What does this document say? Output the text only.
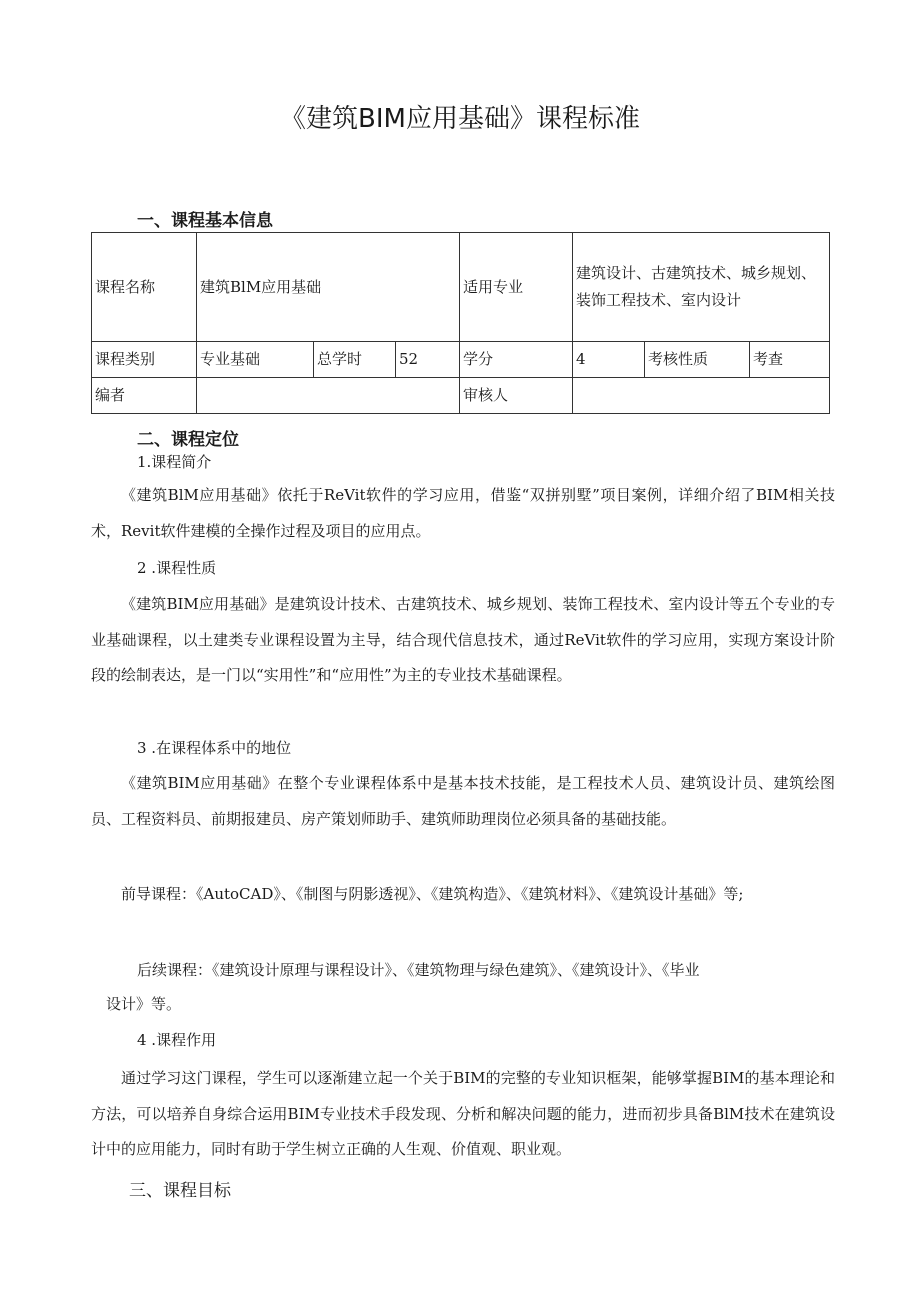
《建筑BIM应用基础》课程标准
一、课程基本信息
课程名称	建筑BlM应用基础			适用专业	建筑设计、古建筑技术、城乡规划、装饰工程技术、室内设计		
课程类别	专业基础	总学时	52	学分	4	考核性质	考查
编者				审核人			
二、课程定位
1.课程简介

《建筑BlM应用基础》依托于ReVit软件的学习应用，借鉴“双拼别墅”项目案例，详细介绍了BIM相关技术，Revit软件建模的全操作过程及项目的应用点。

2 .课程性质

《建筑BIM应用基础》是建筑设计技术、古建筑技术、城乡规划、装饰工程技术、室内设计等五个专业的专业基础课程，以土建类专业课程设置为主导，结合现代信息技术，通过ReVit软件的学习应用，实现方案设计阶段的绘制表达，是一门以“实用性”和“应用性”为主的专业技术基础课程。

3 .在课程体系中的地位

《建筑BIM应用基础》在整个专业课程体系中是基本技术技能，是工程技术人员、建筑设计员、建筑绘图员、工程资料员、前期报建员、房产策划师助手、建筑师助理岗位必须具备的基础技能。

前导课程：《AutoCAD》、《制图与阴影透视》、《建筑构造》、《建筑材料》、《建筑设计基础》等;

后续课程：《建筑设计原理与课程设计》、《建筑物理与绿色建筑》、《建筑设计》、《毕业
设计》等。
4 .课程作用

通过学习这门课程，学生可以逐渐建立起一个关于BIM的完整的专业知识框架，能够掌握BIM的基本理论和方法，可以培养自身综合运用BIM专业技术手段发现、分析和解决问题的能力，进而初步具备BlM技术在建筑设计中的应用能力，同时有助于学生树立正确的人生观、价值观、职业观。

三、课程目标
